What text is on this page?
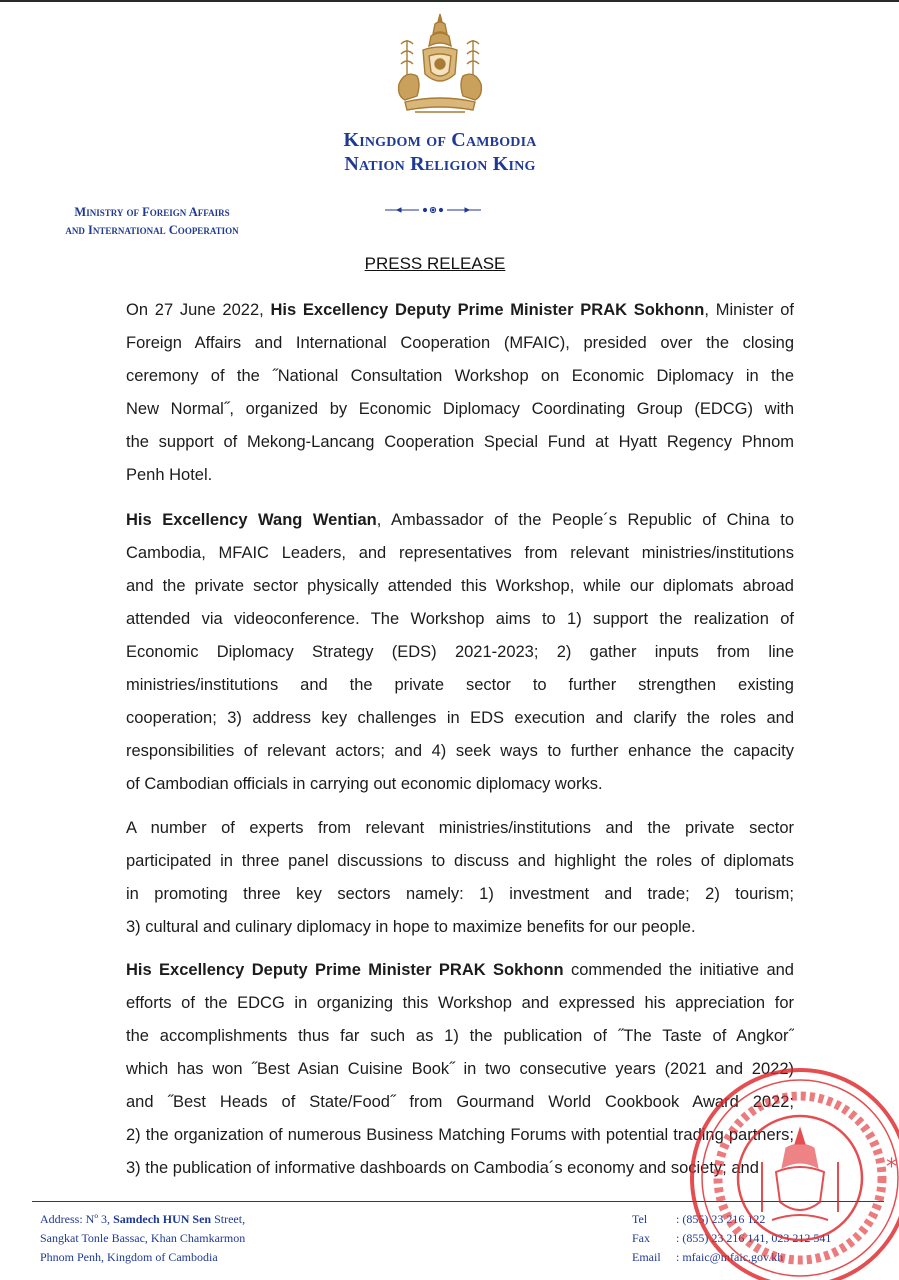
Kingdom of Cambodia
Nation Religion King
Ministry of Foreign Affairs
and International Cooperation
PRESS RELEASE
On 27 June 2022, His Excellency Deputy Prime Minister PRAK Sokhonn, Minister of
Foreign Affairs and International Cooperation (MFAIC), presided over the closing
ceremony of the ˝National Consultation Workshop on Economic Diplomacy in the
New Normal˝, organized by Economic Diplomacy Coordinating Group (EDCG) with
the support of Mekong-Lancang Cooperation Special Fund at Hyatt Regency Phnom
Penh Hotel.
His Excellency Wang Wentian, Ambassador of the People´s Republic of China to
Cambodia, MFAIC Leaders, and representatives from relevant ministries/institutions
and the private sector physically attended this Workshop, while our diplomats abroad
attended via videoconference. The Workshop aims to 1) support the realization of
Economic Diplomacy Strategy (EDS) 2021-2023; 2) gather inputs from line
ministries/institutions and the private sector to further strengthen existing
cooperation; 3) address key challenges in EDS execution and clarify the roles and
responsibilities of relevant actors; and 4) seek ways to further enhance the capacity
of Cambodian officials in carrying out economic diplomacy works.
A number of experts from relevant ministries/institutions and the private sector
participated in three panel discussions to discuss and highlight the roles of diplomats
in promoting three key sectors namely: 1) investment and trade; 2) tourism;
3) cultural and culinary diplomacy in hope to maximize benefits for our people.
His Excellency Deputy Prime Minister PRAK Sokhonn commended the initiative and
efforts of the EDCG in organizing this Workshop and expressed his appreciation for
the accomplishments thus far such as 1) the publication of ˝The Taste of Angkor˝
which has won ˝Best Asian Cuisine Book˝ in two consecutive years (2021 and 2022)
and ˝Best Heads of State/Food˝ from Gourmand World Cookbook Award 2022;
2) the organization of numerous Business Matching Forums with potential trading partners;
3) the publication of informative dashboards on Cambodia´s economy and society; and
Address: Nº 3, Samdech HUN Sen Street,
Sangkat Tonle Bassac, Khan Chamkarmon
Phnom Penh, Kingdom of Cambodia
Tel : (855) 23 216 122
Fax : (855) 23 216 141, 023 212 541
Email : mfaic@mfaic.gov.kh
*
